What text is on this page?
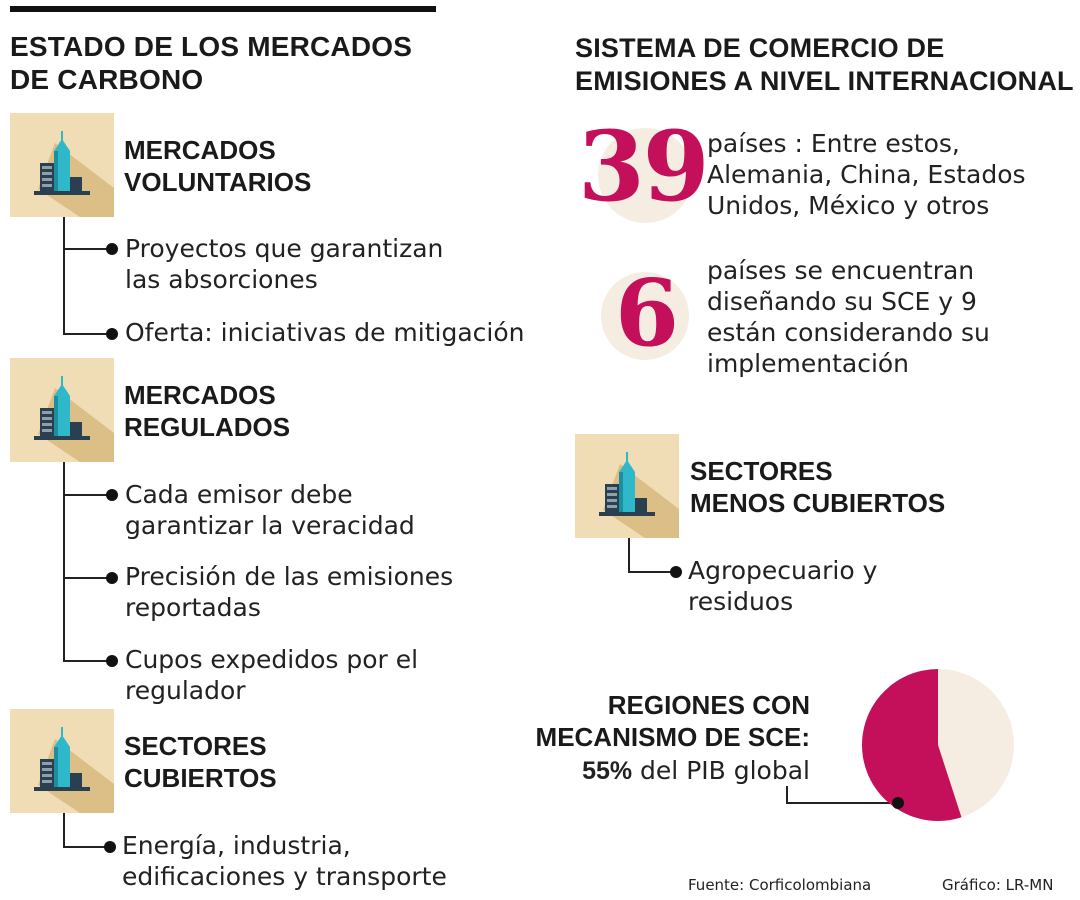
ESTADO DE LOS MERCADOS DE CARBONO
MERCADOS
VOLUNTARIOS
Proyectos que garantizan las absorciones
Oferta: iniciativas de mitigación
MERCADOS
REGULADOS
Cada emisor debe garantizar la veracidad
Precisión de las emisiones reportadas
Cupos expedidos por el regulador
SECTORES
CUBIERTOS
Energía, industria, edificaciones y transporte
SISTEMA DE COMERCIO DE EMISIONES A NIVEL INTERNACIONAL
39 países : Entre estos, Alemania, China, Estados Unidos, México y otros
6 países se encuentran diseñando su SCE y 9 están considerando su implementación
SECTORES
MENOS CUBIERTOS
Agropecuario y residuos
REGIONES CON
MECANISMO DE SCE:
55% del PIB global
Fuente: Corficolombiana	Gráfico: LR-MN
